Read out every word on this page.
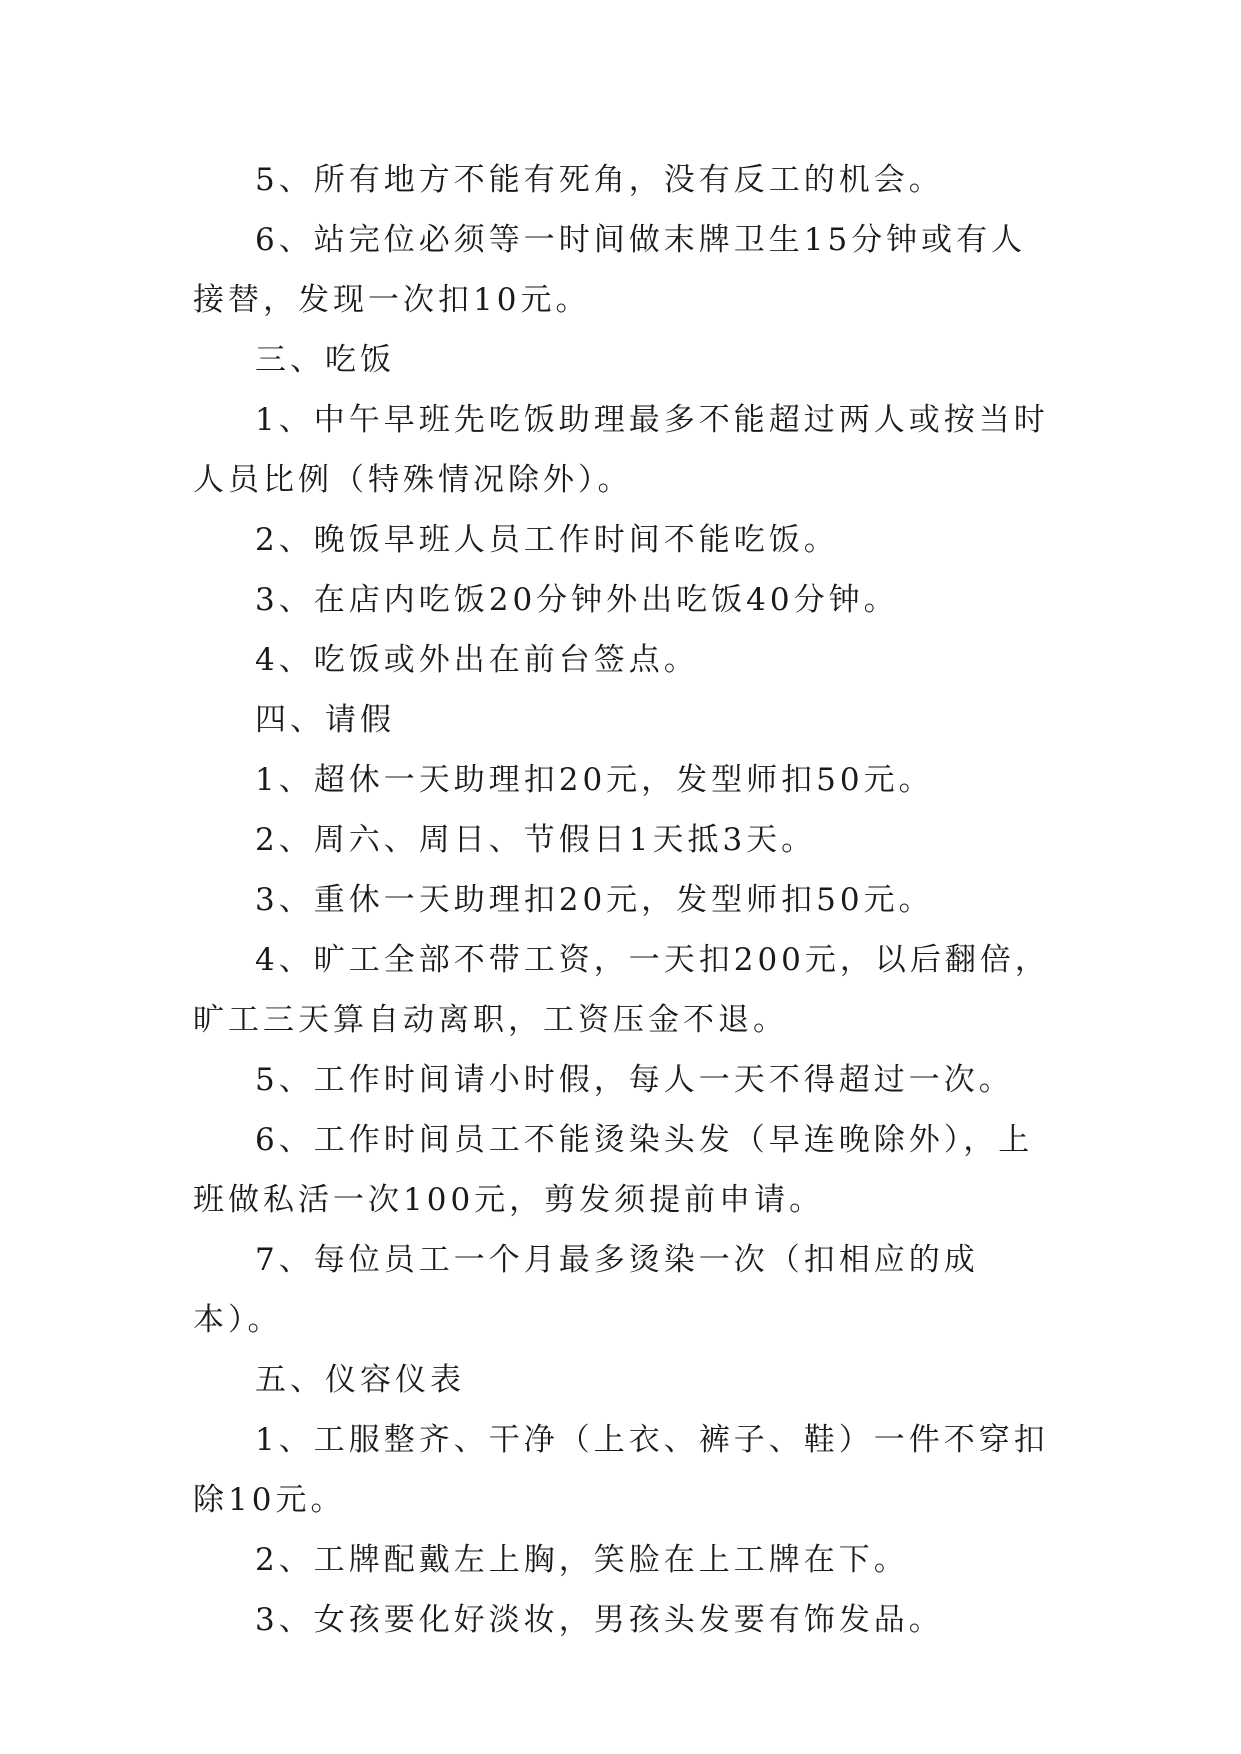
5、所有地方不能有死角，没有反工的机会。

6、站完位必须等一时间做末牌卫生15分钟或有人接替，发现一次扣10元。

三、吃饭

1、中午早班先吃饭助理最多不能超过两人或按当时人员比例（特殊情况除外）。

2、晚饭早班人员工作时间不能吃饭。

3、在店内吃饭20分钟外出吃饭40分钟。

4、吃饭或外出在前台签点。

四、请假

1、超休一天助理扣20元，发型师扣50元。

2、周六、周日、节假日1天抵3天。

3、重休一天助理扣20元，发型师扣50元。

4、旷工全部不带工资，一天扣200元，以后翻倍，旷工三天算自动离职，工资压金不退。

5、工作时间请小时假，每人一天不得超过一次。

6、工作时间员工不能烫染头发（早连晚除外），上班做私活一次100元，剪发须提前申请。

7、每位员工一个月最多烫染一次（扣相应的成本）。

五、仪容仪表

1、工服整齐、干净（上衣、裤子、鞋）一件不穿扣除10元。

2、工牌配戴左上胸，笑脸在上工牌在下。

3、女孩要化好淡妆，男孩头发要有饰发品。
